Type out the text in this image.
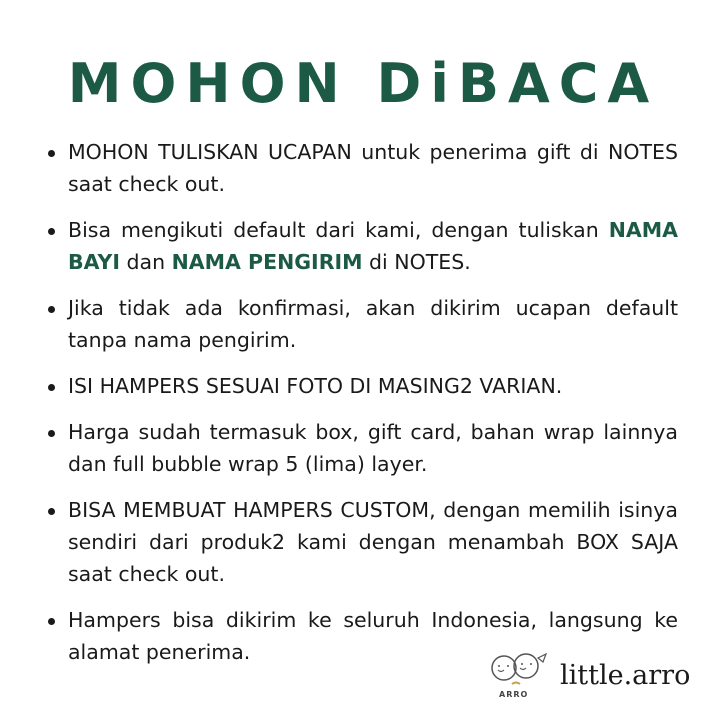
MOHON DiBACA
MOHON TULISKAN UCAPAN untuk penerima gift di NOTES saat check out.
Bisa mengikuti default dari kami, dengan tuliskan NAMA BAYI dan NAMA PENGIRIM di NOTES.
Jika tidak ada konfirmasi, akan dikirim ucapan default tanpa nama pengirim.
ISI HAMPERS SESUAI FOTO DI MASING2 VARIAN.
Harga sudah termasuk box, gift card, bahan wrap lainnya dan full bubble wrap 5 (lima) layer.
BISA MEMBUAT HAMPERS CUSTOM, dengan memilih isinya sendiri dari produk2 kami dengan menambah BOX SAJA saat check out.
Hampers bisa dikirim ke seluruh Indonesia, langsung ke alamat penerima.
ARRO
little.arro
